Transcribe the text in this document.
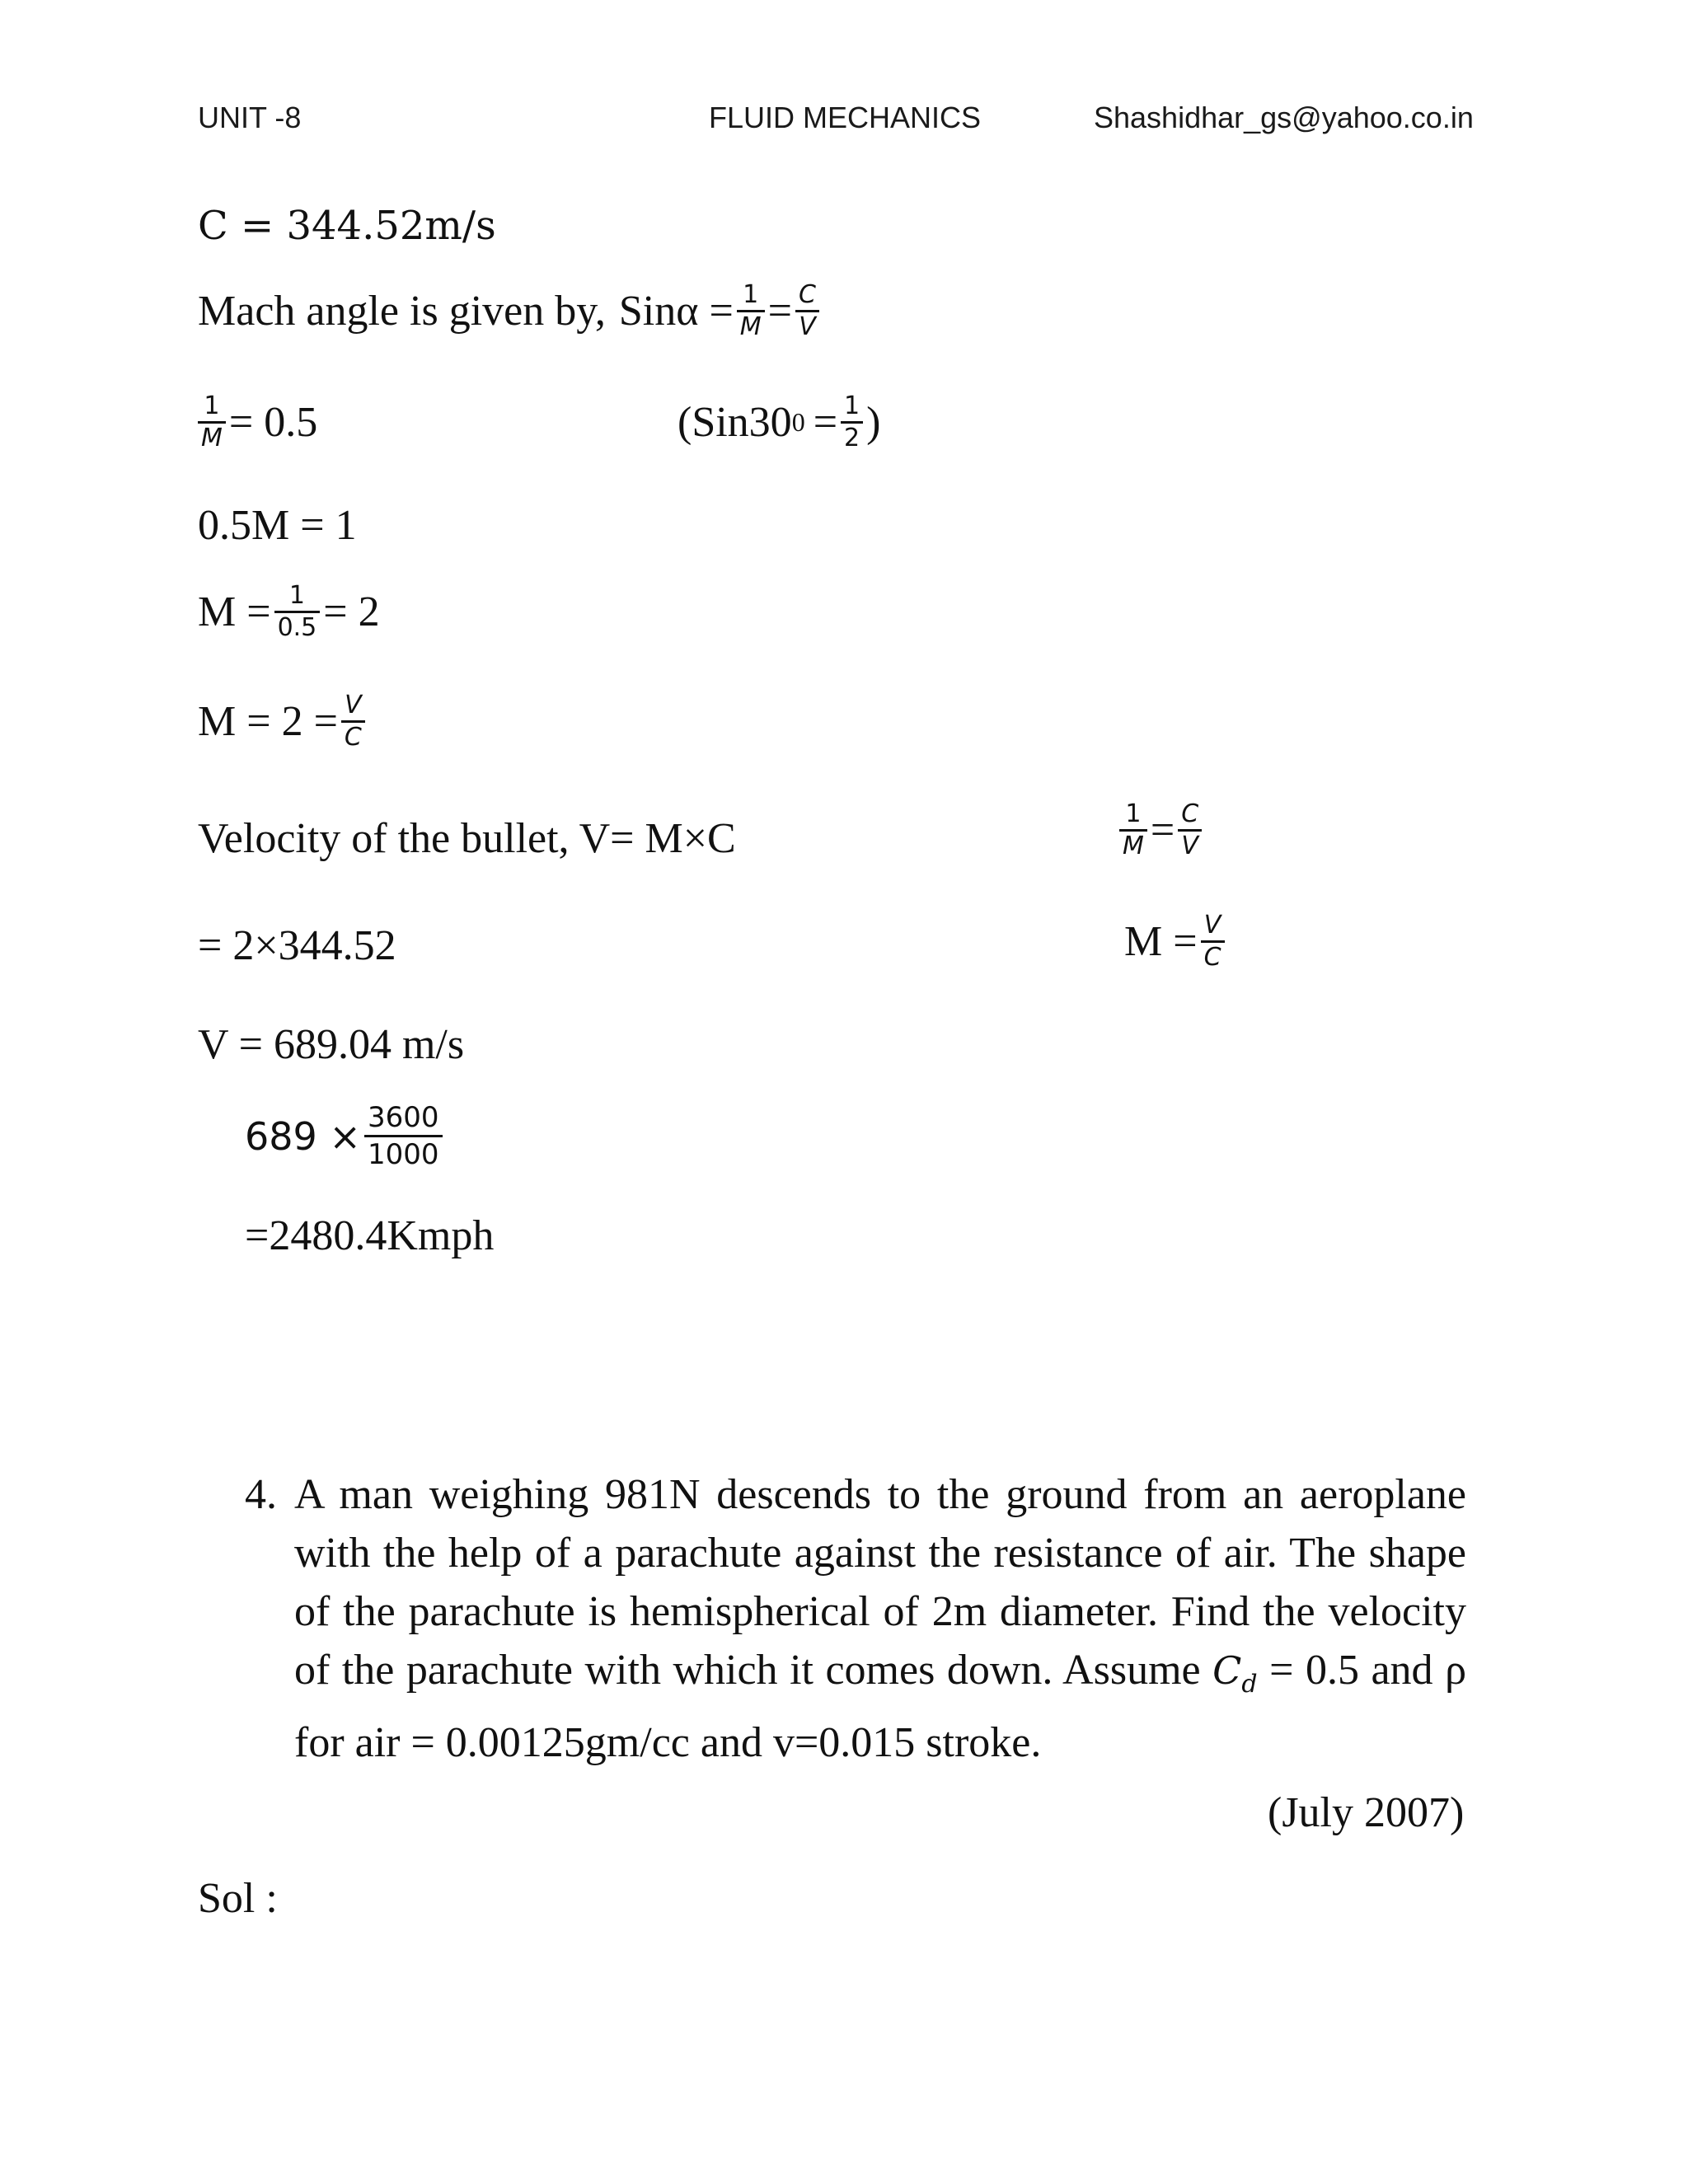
UNIT -8	FLUID MECHANICS	Shashidhar_gs@yahoo.co.in
C = 344.52m/s
Mach angle is given by, $Sin\alpha = \frac{1}{M} = \frac{C}{V}$
$\frac{1}{M} = 0.5$	(Sin30 $0 = \frac{1}{2}$ )
0.5M = 1
$M = \frac{1}{0.5} = 2$
$M = 2 = \frac{V}{C}$
Velocity of the bullet, V= M×C	$\frac{1}{M} = \frac{C}{V}$
= 2×344.52	$M = \frac{V}{C}$
V = 689.04 m/s
$689 \times \frac{3600}{1000}$
=2480.4Kmph
4. A man weighing 981N descends to the ground from an aeroplane with the help of a parachute against the resistance of air. The shape of the parachute is hemispherical of 2m diameter. Find the velocity of the parachute with which it comes down. Assume $C_d = 0.5$ and ρ for air = 0.00125gm/cc and v=0.015 stroke.
(July 2007)
Sol :
